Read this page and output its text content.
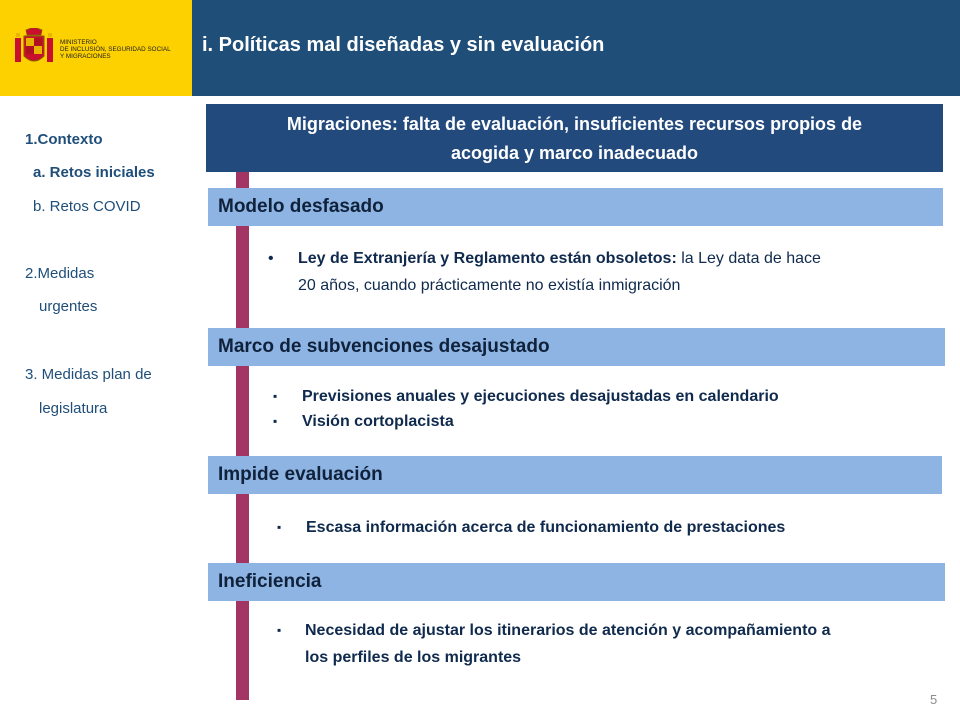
MINISTERIO
DE INCLUSIÓN, SEGURIDAD SOCIAL
Y MIGRACIONES
i. Políticas mal diseñadas y sin evaluación
1.Contexto
a. Retos iniciales
b. Retos COVID
2.Medidas
urgentes
3. Medidas plan de
legislatura
Migraciones: falta de evaluación, insuficientes recursos propios de
acogida y marco inadecuado
Modelo desfasado
•	Ley de Extranjería y Reglamento están obsoletos: la Ley data de hace
20 años, cuando prácticamente no existía inmigración
Marco de subvenciones desajustado
▪	Previsiones anuales y ejecuciones desajustadas en calendario
▪	Visión cortoplacista
Impide evaluación
▪	Escasa información acerca de funcionamiento de prestaciones
Ineficiencia
▪	Necesidad de ajustar los itinerarios de atención y acompañamiento a
los perfiles de los migrantes
5
